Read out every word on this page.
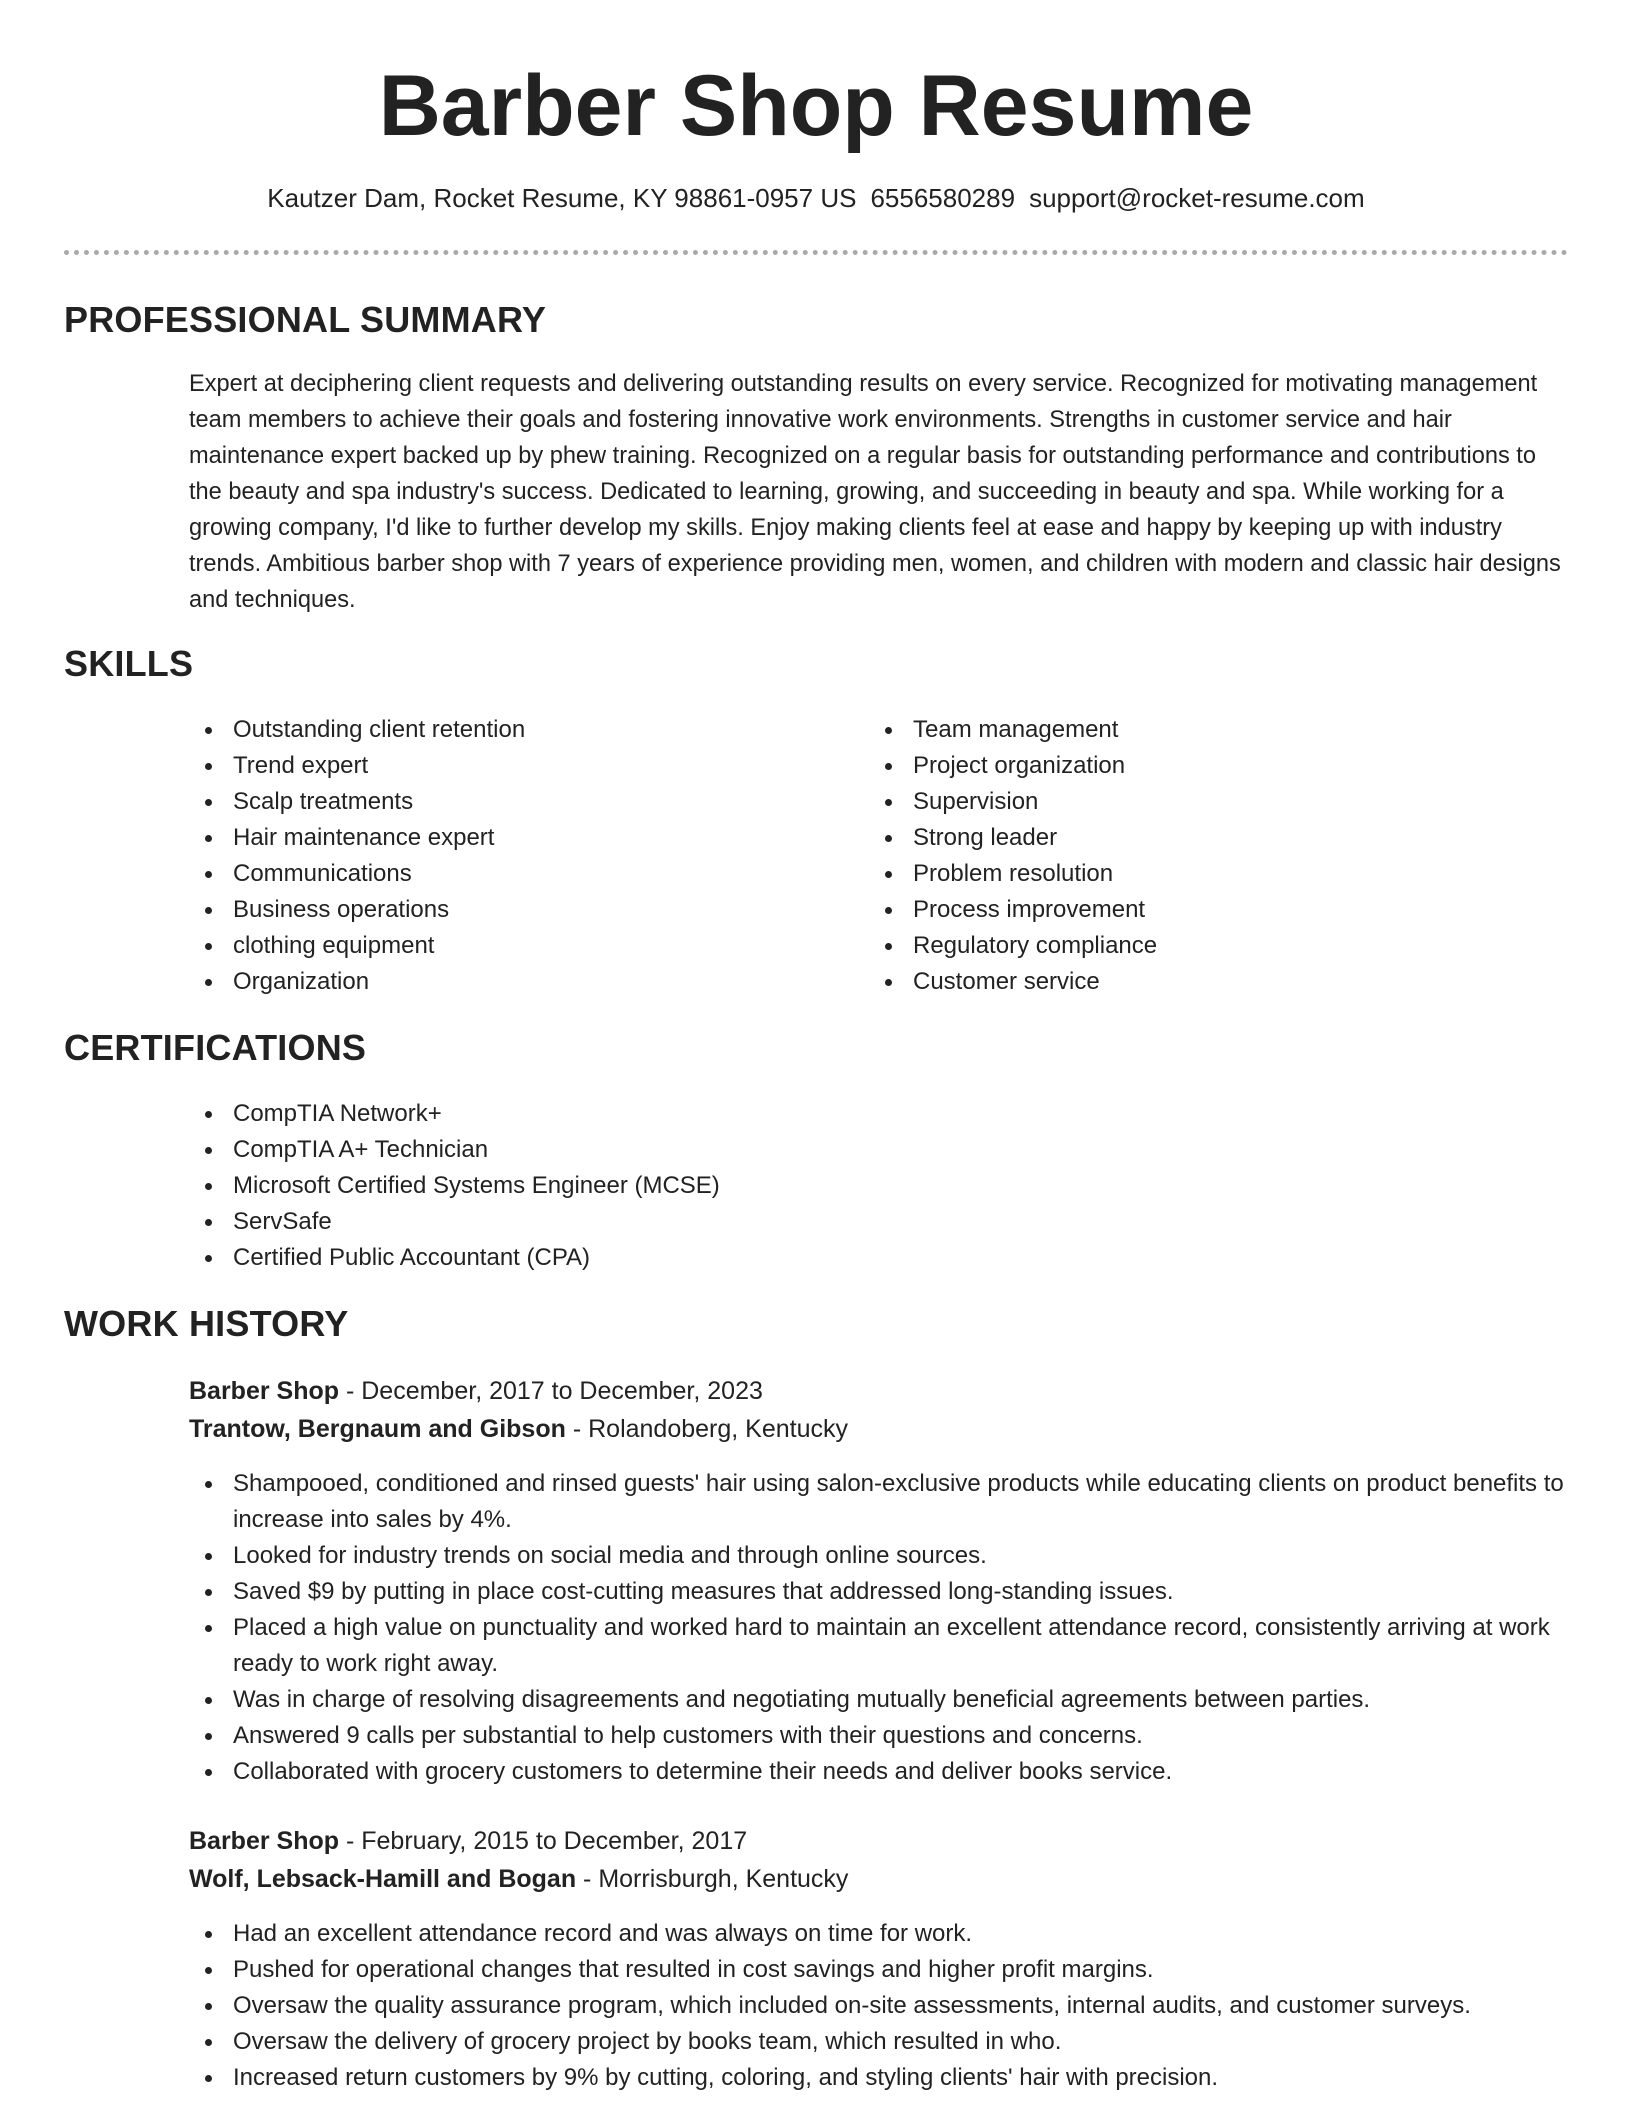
Barber Shop Resume
Kautzer Dam, Rocket Resume, KY 98861-0957 US 6556580289 support@rocket-resume.com
PROFESSIONAL SUMMARY

Expert at deciphering client requests and delivering outstanding results on every service. Recognized for motivating management team members to achieve their goals and fostering innovative work environments. Strengths in customer service and hair maintenance expert backed up by phew training. Recognized on a regular basis for outstanding performance and contributions to the beauty and spa industry's success. Dedicated to learning, growing, and succeeding in beauty and spa. While working for a growing company, I'd like to further develop my skills. Enjoy making clients feel at ease and happy by keeping up with industry trends. Ambitious barber shop with 7 years of experience providing men, women, and children with modern and classic hair designs and techniques.

SKILLS
Outstanding client retention
Trend expert
Scalp treatments
Hair maintenance expert
Communications
Business operations
clothing equipment
Organization
Team management
Project organization
Supervision
Strong leader
Problem resolution
Process improvement
Regulatory compliance
Customer service
CERTIFICATIONS
CompTIA Network+
CompTIA A+ Technician
Microsoft Certified Systems Engineer (MCSE)
ServSafe
Certified Public Accountant (CPA)
WORK HISTORY
Barber Shop - December, 2017 to December, 2023
Trantow, Bergnaum and Gibson - Rolandoberg, Kentucky
Shampooed, conditioned and rinsed guests' hair using salon-exclusive products while educating clients on product benefits to increase into sales by 4%.
Looked for industry trends on social media and through online sources.
Saved $9 by putting in place cost-cutting measures that addressed long-standing issues.
Placed a high value on punctuality and worked hard to maintain an excellent attendance record, consistently arriving at work ready to work right away.
Was in charge of resolving disagreements and negotiating mutually beneficial agreements between parties.
Answered 9 calls per substantial to help customers with their questions and concerns.
Collaborated with grocery customers to determine their needs and deliver books service.
Barber Shop - February, 2015 to December, 2017
Wolf, Lebsack-Hamill and Bogan - Morrisburgh, Kentucky
Had an excellent attendance record and was always on time for work.
Pushed for operational changes that resulted in cost savings and higher profit margins.
Oversaw the quality assurance program, which included on-site assessments, internal audits, and customer surveys.
Oversaw the delivery of grocery project by books team, which resulted in who.
Increased return customers by 9% by cutting, coloring, and styling clients' hair with precision.
